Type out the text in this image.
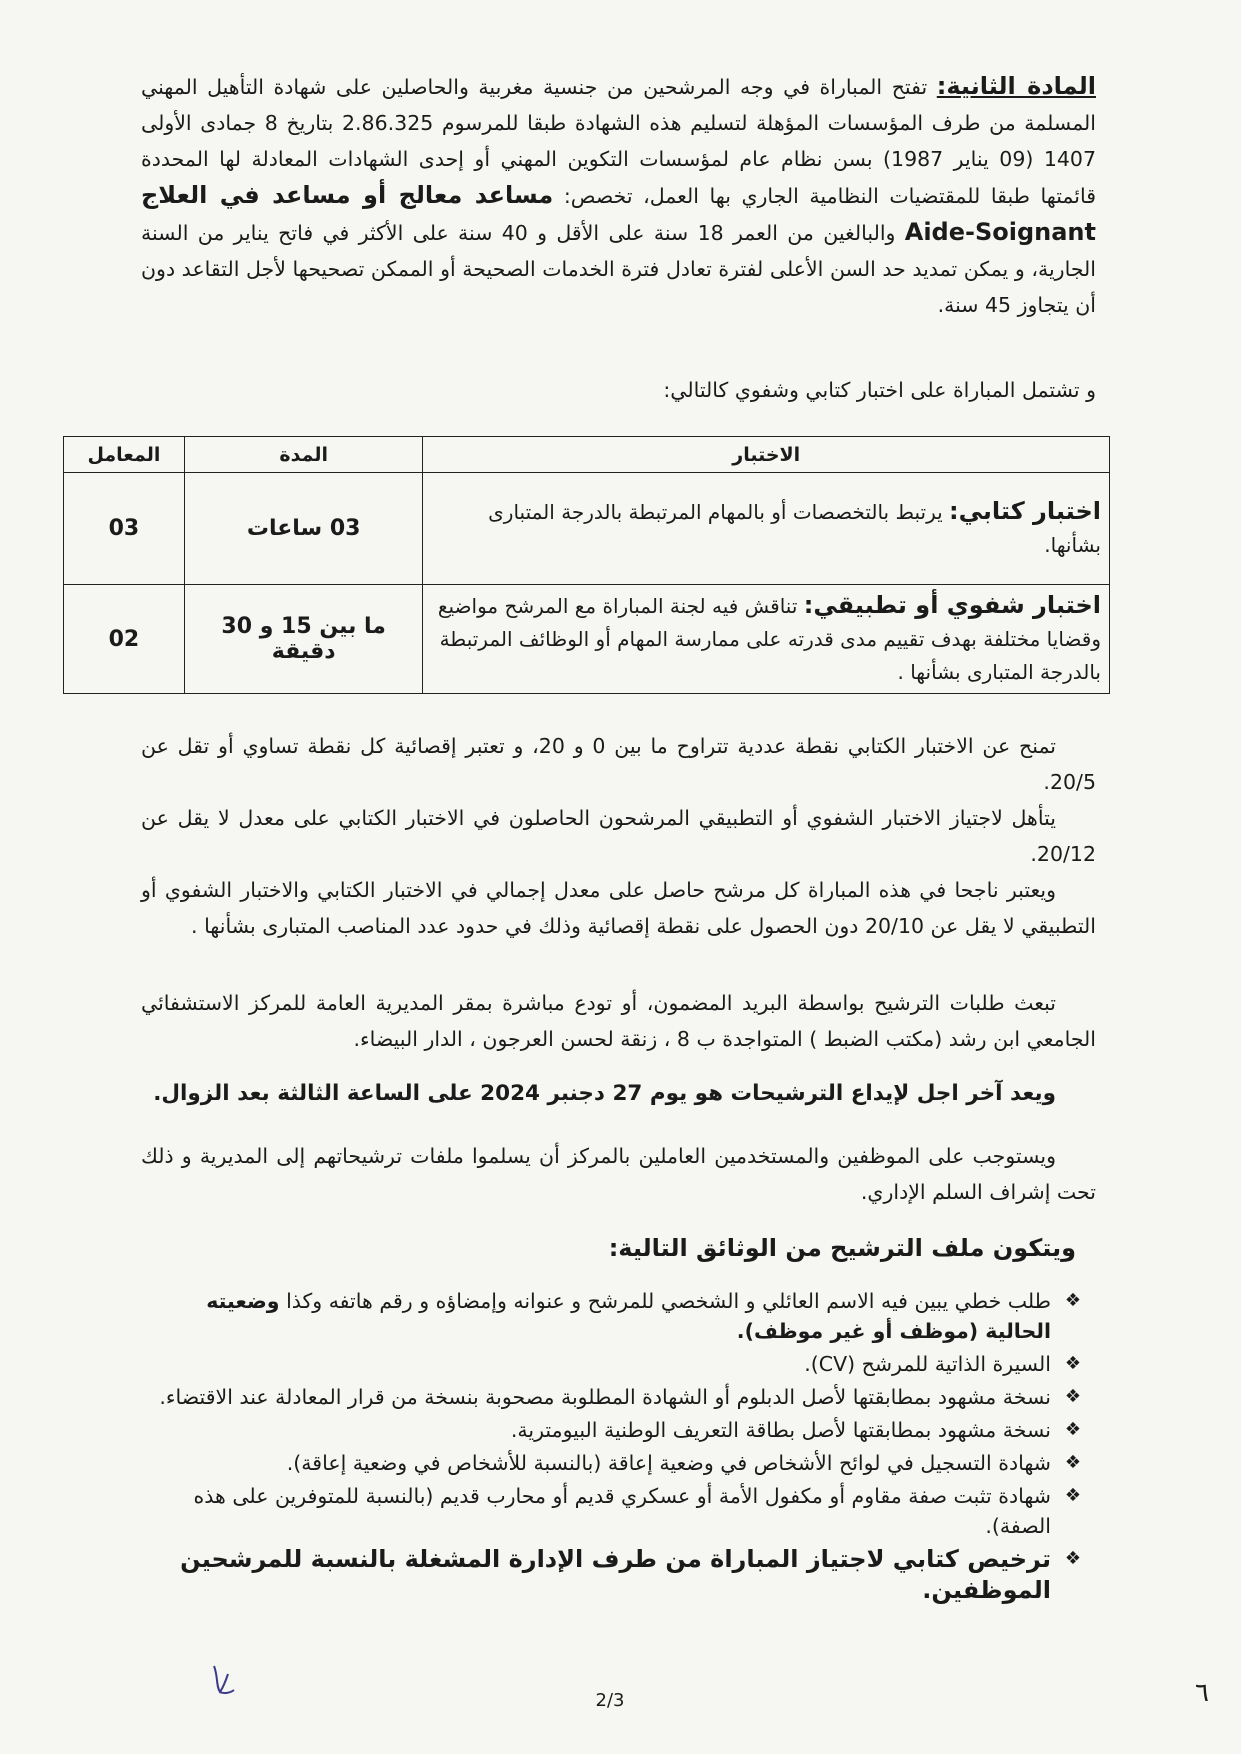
المادة الثانية: تفتح المباراة في وجه المرشحين من جنسية مغربية والحاصلين على شهادة التأهيل المهني المسلمة من طرف المؤسسات المؤهلة لتسليم هذه الشهادة طبقا للمرسوم 2.86.325 بتاريخ 8 جمادى الأولى 1407 (09 يناير 1987) بسن نظام عام لمؤسسات التكوين المهني أو إحدى الشهادات المعادلة لها المحددة قائمتها طبقا للمقتضيات النظامية الجاري بها العمل، تخصص: مساعد معالج أو مساعد في العلاج Aide-Soignant والبالغين من العمر 18 سنة على الأقل و 40 سنة على الأكثر في فاتح يناير من السنة الجارية، و يمكن تمديد حد السن الأعلى لفترة تعادل فترة الخدمات الصحيحة أو الممكن تصحيحها لأجل التقاعد دون أن يتجاوز 45 سنة.
و تشتمل المباراة على اختبار كتابي وشفوي كالتالي:
الاختبار	المدة	المعامل
اختبار كتابي: يرتبط بالتخصصات أو بالمهام المرتبطة بالدرجة المتبارى بشأنها.	03 ساعات	03
اختبار شفوي أو تطبيقي: تناقش فيه لجنة المباراة مع المرشح مواضيع وقضايا مختلفة بهدف تقييم مدى قدرته على ممارسة المهام أو الوظائف المرتبطة بالدرجة المتبارى بشأنها .	ما بين 15 و 30 دقيقة	02
تمنح عن الاختبار الكتابي نقطة عددية تتراوح ما بين 0 و 20، و تعتبر إقصائية كل نقطة تساوي أو تقل عن 20/5.
يتأهل لاجتياز الاختبار الشفوي أو التطبيقي المرشحون الحاصلون في الاختبار الكتابي على معدل لا يقل عن 20/12.
ويعتبر ناجحا في هذه المباراة كل مرشح حاصل على معدل إجمالي في الاختبار الكتابي والاختبار الشفوي أو التطبيقي لا يقل عن 20/10 دون الحصول على نقطة إقصائية وذلك في حدود عدد المناصب المتبارى بشأنها .
تبعث طلبات الترشيح بواسطة البريد المضمون، أو تودع مباشرة بمقر المديرية العامة للمركز الاستشفائي الجامعي ابن رشد (مكتب الضبط ) المتواجدة ب 8 ، زنقة لحسن العرجون ، الدار البيضاء.
ويعد آخر اجل لإيداع الترشيحات هو يوم 27 دجنبر 2024 على الساعة الثالثة بعد الزوال.
ويستوجب على الموظفين والمستخدمين العاملين بالمركز أن يسلموا ملفات ترشيحاتهم إلى المديرية و ذلك تحت إشراف السلم الإداري.
ويتكون ملف الترشيح من الوثائق التالية:
❖
طلب خطي يبين فيه الاسم العائلي و الشخصي للمرشح و عنوانه وإمضاؤه و رقم هاتفه وكذا وضعيته الحالية (موظف أو غير موظف).
❖
السيرة الذاتية للمرشح (CV).
❖
نسخة مشهود بمطابقتها لأصل الدبلوم أو الشهادة المطلوبة مصحوبة بنسخة من قرار المعادلة عند الاقتضاء.
❖
نسخة مشهود بمطابقتها لأصل بطاقة التعريف الوطنية البيومترية.
❖
شهادة التسجيل في لوائح الأشخاص في وضعية إعاقة (بالنسبة للأشخاص في وضعية إعاقة).
❖
شهادة تثبت صفة مقاوم أو مكفول الأمة أو عسكري قديم أو محارب قديم (بالنسبة للمتوفرين على هذه الصفة).
❖
ترخيص كتابي لاجتياز المباراة من طرف الإدارة المشغلة بالنسبة للمرشحين الموظفين.
2/3	٦
